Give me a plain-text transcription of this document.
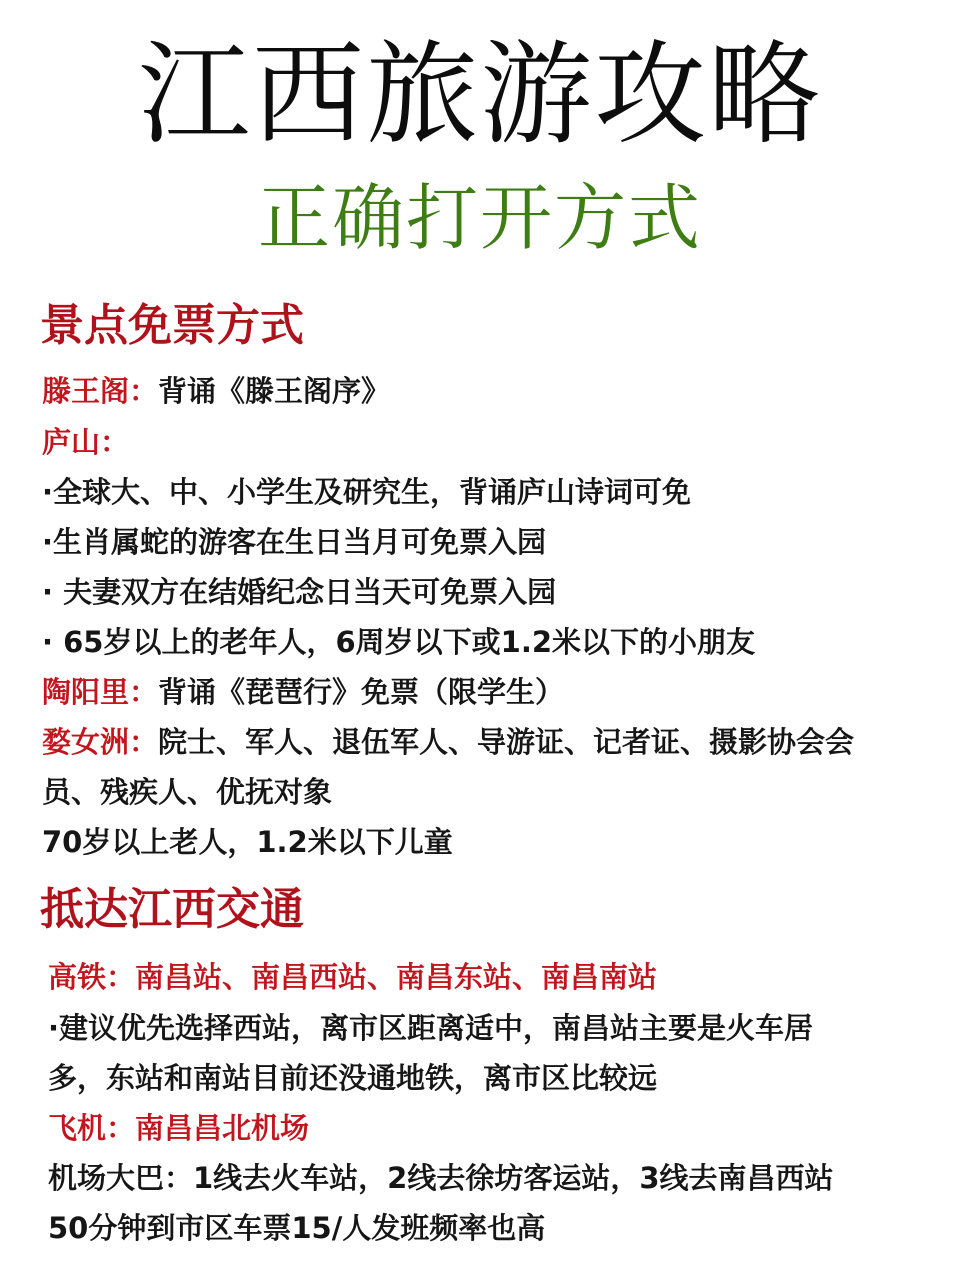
江西旅游攻略
正确打开方式
景点免票方式
滕王阁：背诵《滕王阁序》
庐山：
·全球大、中、小学生及研究生，背诵庐山诗词可免
·生肖属蛇的游客在生日当月可免票入园
· 夫妻双方在结婚纪念日当天可免票入园
· 65岁以上的老年人，6周岁以下或1.2米以下的小朋友
陶阳里：背诵《琵琶行》免票（限学生）
婺女洲：院士、军人、退伍军人、导游证、记者证、摄影协会会
员、残疾人、优抚对象
70岁以上老人，1.2米以下儿童
抵达江西交通
高铁：南昌站、南昌西站、南昌东站、南昌南站
·建议优先选择西站，离市区距离适中，南昌站主要是火车居
多，东站和南站目前还没通地铁，离市区比较远
飞机：南昌昌北机场
机场大巴：1线去火车站，2线去徐坊客运站，3线去南昌西站
50分钟到市区车票15/人发班频率也高
